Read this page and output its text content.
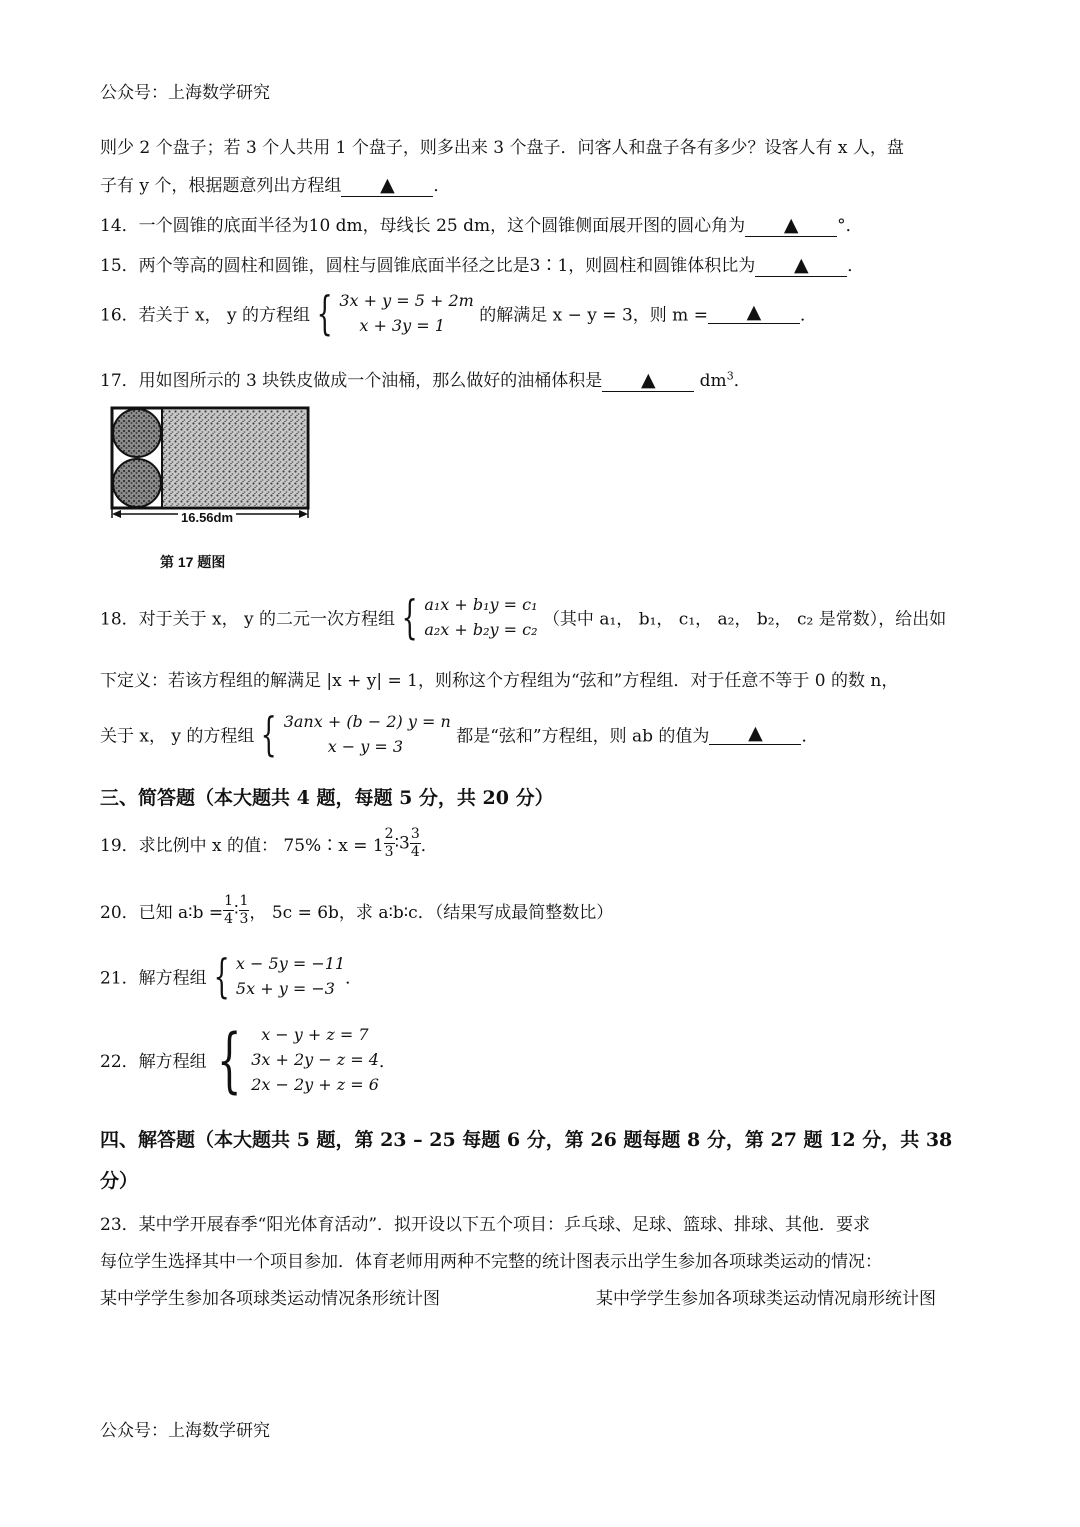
公众号：上海数学研究
则少 2 个盘子；若 3 个人共用 1 个盘子，则多出来 3 个盘子．问客人和盘子各有多少？设客人有 x 人，盘
子有 y 个，根据题意列出方程组 ▲ ．
14．一个圆锥的底面半径为10 dm，母线长 25 dm，这个圆锥侧面展开图的圆心角为 ▲ °．
15．两个等高的圆柱和圆锥，圆柱与圆锥底面半径之比是3∶1，则圆柱和圆锥体积比为 ▲ ．
16．若关于 x， y 的方程组 { 3x + y = 5 + 2m
x + 3y = 1	的解满足 x − y = 3，则 m = ▲ ．
17．用如图所示的 3 块铁皮做成一个油桶，那么做好的油桶体积是 ▲	$dm^3$．
16.56dm
第 17 题图
18．对于关于 x， y 的二元一次方程组 { a₁x + b₁y = c₁
a₂x + b₂y = c₂ （其中 a₁， b₁， c₁， a₂， b₂， c₂ 是常数），给出如
下定义：若该方程组的解满足 |x + y| = 1，则称这个方程组为“弦和”方程组．对于任意不等于 0 的数 n，
关于 x， y 的方程组 { 3anx + (b − 2) y = n
x − y = 3	都是“弦和”方程组，则 ab 的值为 ▲ ．
三、简答题（本大题共 4 题，每题 5 分，共 20 分）
19．求比例中 x 的值： 75%∶x = $1 \frac{2}{3}$ ∶3 $\frac{3}{4}$ ．
20．已知 a∶b = $\frac{1}{4}$ ∶ $\frac{1}{3}$ ， 5c = 6b，求 a∶b∶c．（结果写成最简整数比）
21．解方程组 { x − 5y = −11
5x + y = −3 ．
22．解方程组 {	x − y + z = 7
3x + 2y − z = 4
2x − 2y + z = 6
．
四、解答题（本大题共 5 题，第 23 – 25 每题 6 分，第 26 题每题 8 分，第 27 题 12 分，共 38
分）
23．某中学开展春季“阳光体育活动”．拟开设以下五个项目：乒乓球、足球、篮球、排球、其他．要求
每位学生选择其中一个项目参加．体育老师用两种不完整的统计图表示出学生参加各项球类运动的情况：
某中学学生参加各项球类运动情况条形统计图	某中学学生参加各项球类运动情况扇形统计图
公众号：上海数学研究
